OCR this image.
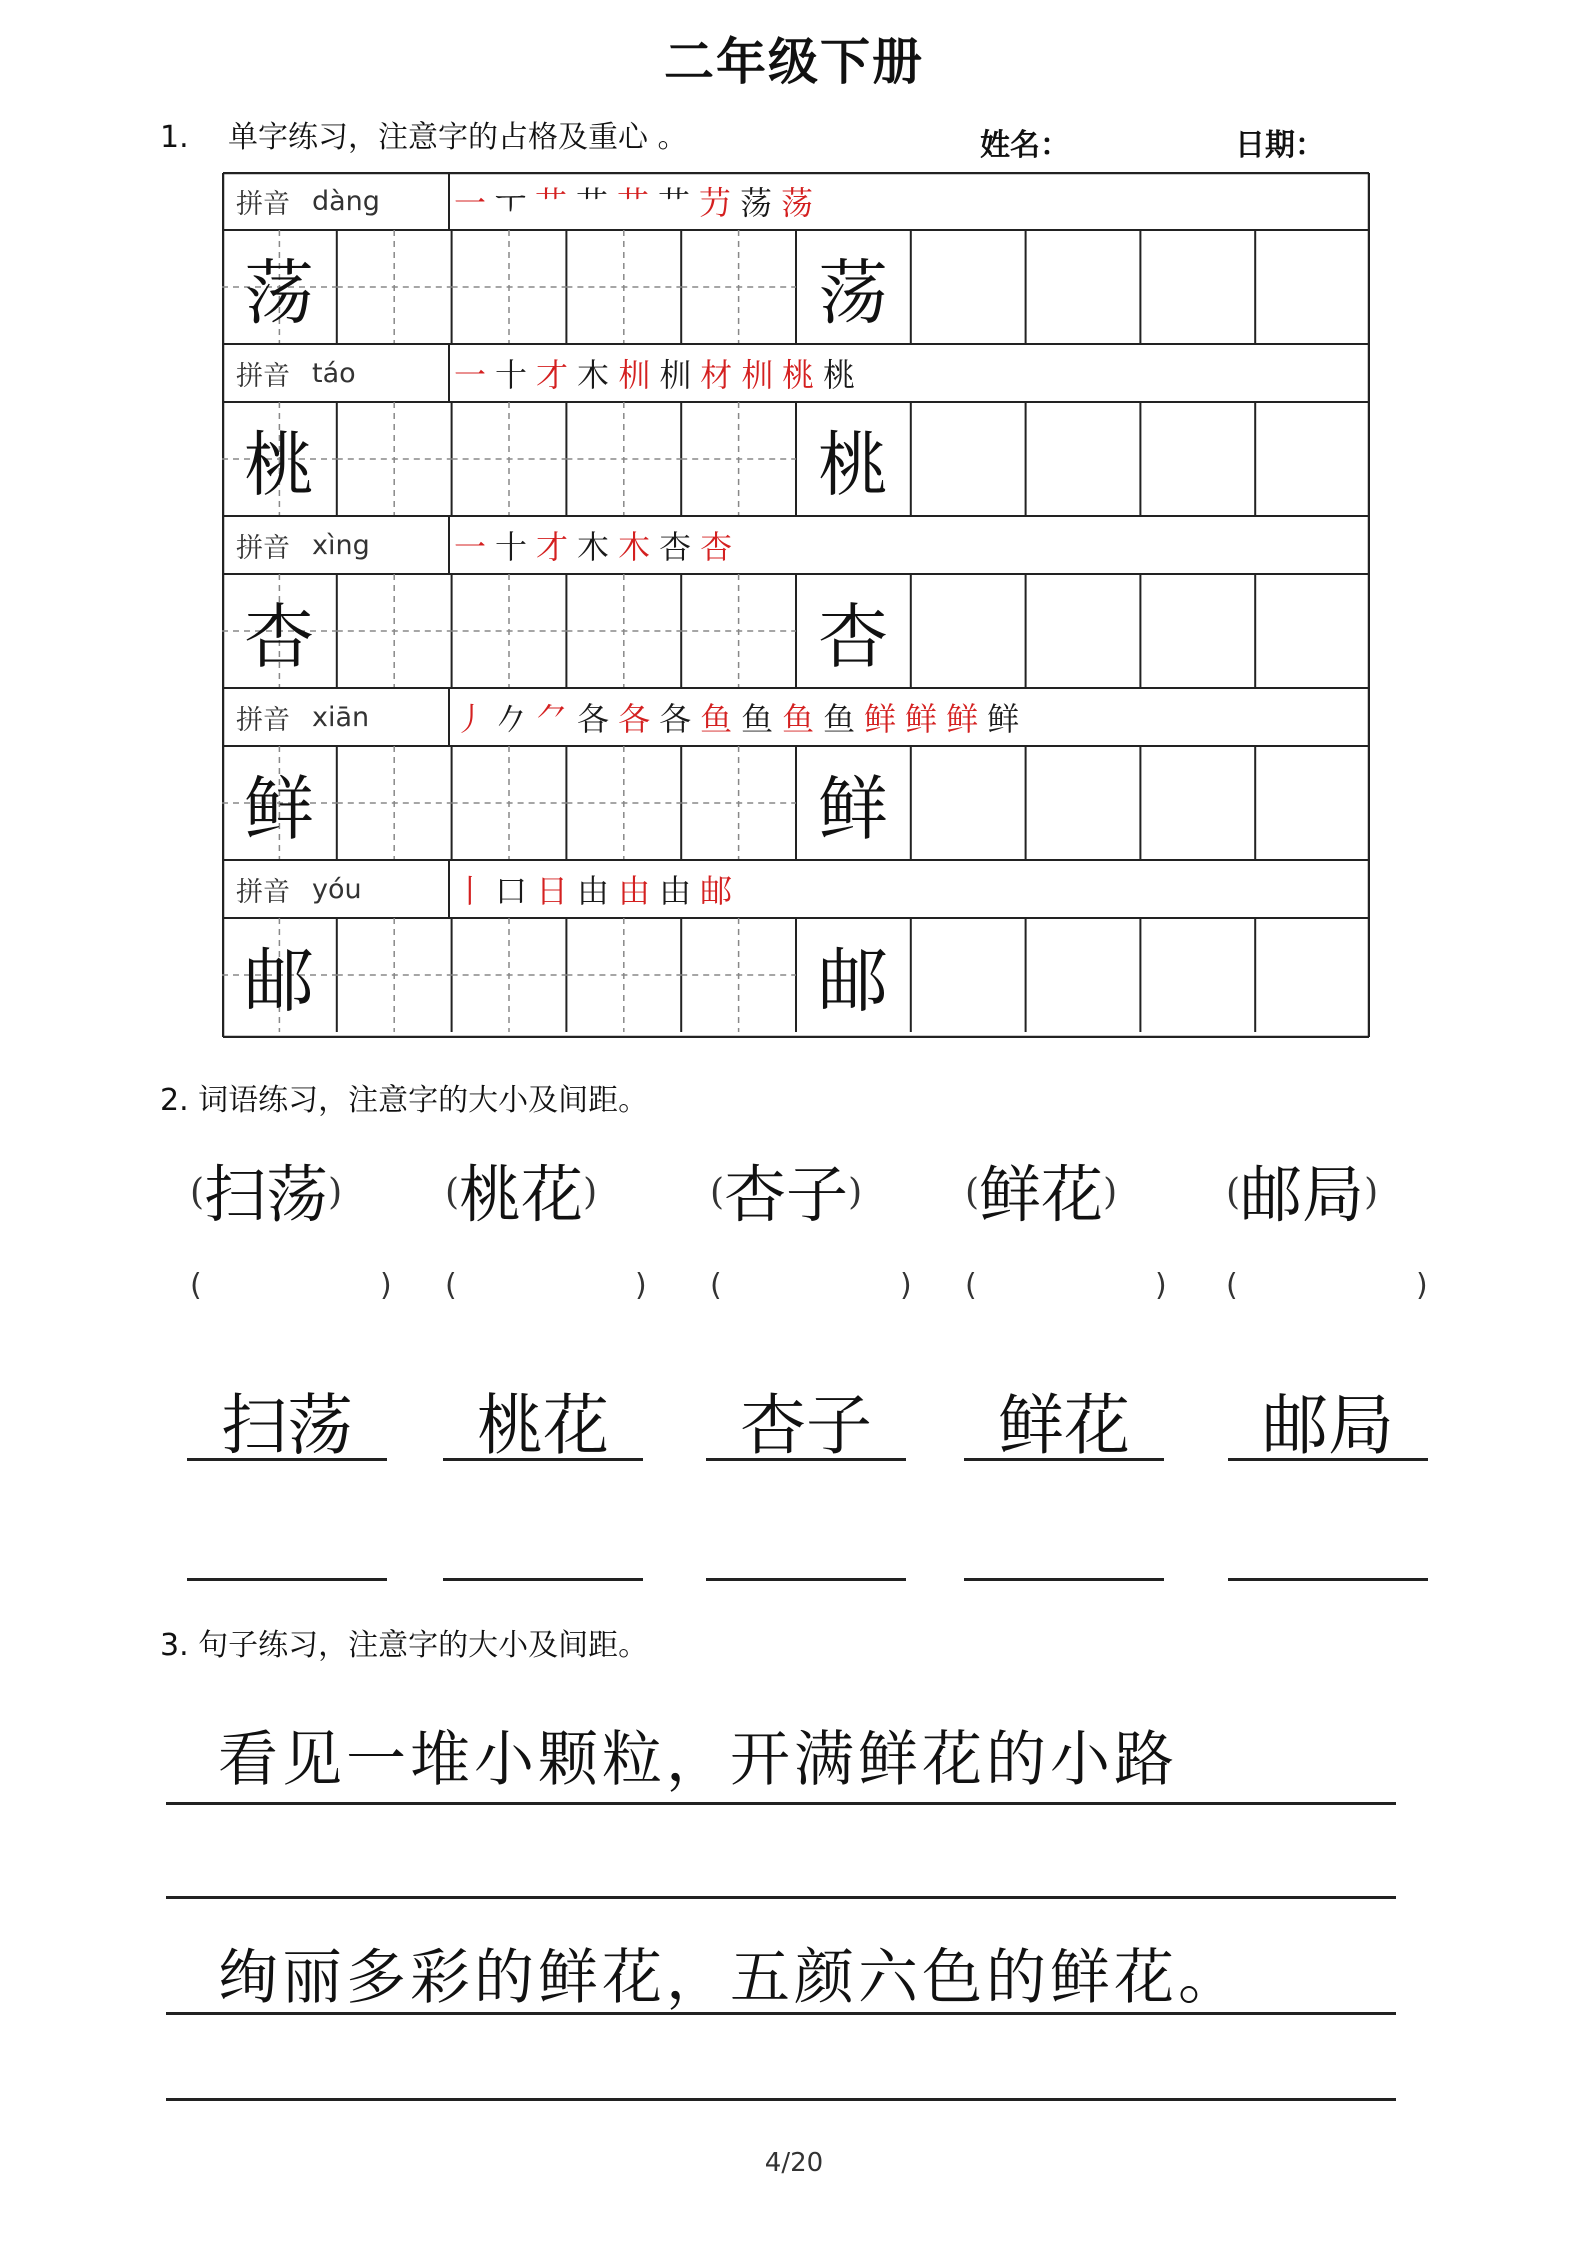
二年级下册
1. 单字练习，注意字的占格及重心 。	姓名：	日期：
拼音 dàng 一 ㅜ 艹 艹 艹 艹 芀 荡 荡
荡	荡
拼音 táo	一 十 才 木 杊 杊 材 杊 桃 桃
桃	桃
拼音 xìng	一 十 才 木 木 杏 杏
杏	杏
拼音 xiān	丿 𠂊 ⺈ 各 各 各 鱼 鱼 鱼 鱼 鲜 鲜 鲜 鲜
鲜	鲜
拼音 yóu	丨 口 日 由 由 由 邮
邮	邮
2. 词语练习，注意字的大小及间距。
(扫荡)
(	)
扫荡
(桃花)
(	)
桃花
(杏子)
(	)
杏子
(鲜花)
(	)
鲜花
(邮局)
(	)
邮局
3. 句子练习，注意字的大小及间距。
看见一堆小颗粒，开满鲜花的小路
绚丽多彩的鲜花，五颜六色的鲜花。
4/20
